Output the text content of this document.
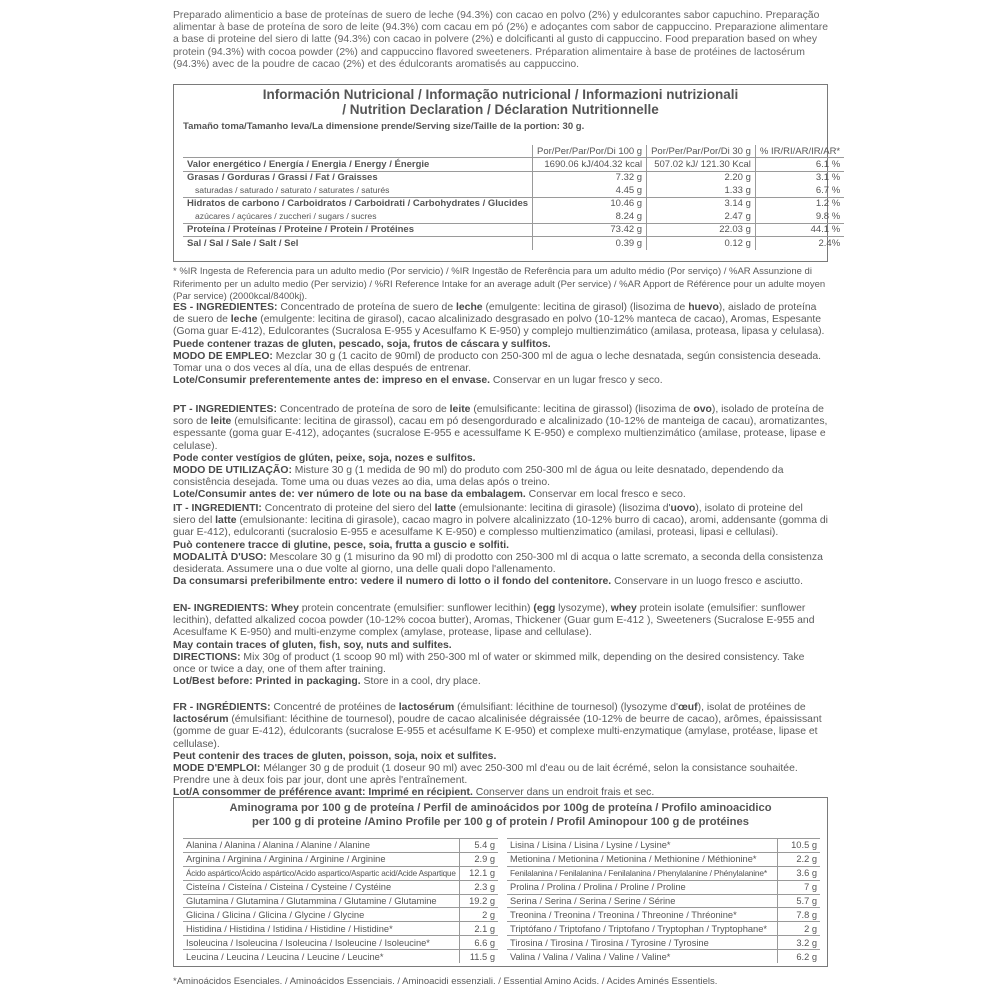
Preparado alimenticio a base de proteínas de suero de leche (94.3%) con cacao en polvo (2%) y edulcorantes sabor capuchino. Preparação alimentar à base de proteína de soro de leite (94.3%) com cacau em pó (2%) e adoçantes com sabor de cappuccino. Preparazione alimentare a base di proteine del siero di latte (94.3%) con cacao in polvere (2%) e dolcificanti al gusto di cappuccino. Food preparation based on whey protein (94.3%) with cocoa powder (2%) and cappuccino flavored sweeteners. Préparation alimentaire à base de protéines de lactosérum (94.3%) avec de la poudre de cacao (2%) et des édulcorants aromatisés au cappuccino.
Información Nutricional / Informação nutricional / Informazioni nutrizionali
/ Nutrition Declaration / Déclaration Nutritionnelle
Tamaño toma/Tamanho leva/La dimensione prende/Serving size/Taille de la portion: 30 g.
	Por/Per/Par/Por/Di 100 g	Por/Per/Par/Por/Di 30 g	% IR/RI/AR/IR/AR*
Valor energético / Energía / Energia / Energy / Énergie	1690.06 kJ/404.32 kcal	507.02 kJ/ 121.30 Kcal	6.1 %
Grasas / Gorduras / Grassi / Fat / Graisses	7.32 g	2.20 g	3.1 %
saturadas / saturado / saturato / saturates / saturés	4.45 g	1.33 g	6.7 %
Hidratos de carbono / Carboidratos / Carboidrati / Carbohydrates / Glucides	10.46 g	3.14 g	1.2 %
azúcares / açúcares / zuccheri / sugars / sucres	8.24 g	2.47 g	9.8 %
Proteína / Proteínas / Proteine / Protein / Protéines	73.42 g	22.03 g	44.1 %
Sal / Sal / Sale / Salt / Sel	0.39 g	0.12 g	2.4%
* %IR Ingesta de Referencia para un adulto medio (Por servicio) / %IR Ingestão de Referência para um adulto médio (Por serviço) / %AR Assunzione di Riferimento per un adulto medio (Per servizio) / %RI Reference Intake for an average adult (Per service) / %AR Apport de Référence pour un adulte moyen (Par service) (2000kcal/8400kj).
ES - INGREDIENTES: Concentrado de proteína de suero de leche (emulgente: lecitina de girasol) (lisozima de huevo), aislado de proteína de suero de leche (emulgente: lecitina de girasol), cacao alcalinizado desgrasado en polvo (10-12% manteca de cacao), Aromas, Espesante (Goma guar E-412), Edulcorantes (Sucralosa E-955 y Acesulfamo K E-950) y complejo multienzimático (amilasa, proteasa, lipasa y celulasa).
Puede contener trazas de gluten, pescado, soja, frutos de cáscara y sulfitos.
MODO DE EMPLEO: Mezclar 30 g (1 cacito de 90ml) de producto con 250-300 ml de agua o leche desnatada, según consistencia deseada. Tomar una o dos veces al día, una de ellas después de entrenar.
Lote/Consumir preferentemente antes de: impreso en el envase. Conservar en un lugar fresco y seco.
PT - INGREDIENTES: Concentrado de proteína de soro de leite (emulsificante: lecitina de girassol) (lisozima de ovo), isolado de proteína de soro de leite (emulsificante: lecitina de girassol), cacau em pó desengordurado e alcalinizado (10-12% de manteiga de cacau), aromatizantes, espessante (goma guar E-412), adoçantes (sucralose E-955 e acessulfame K E-950) e complexo multienzimático (amilase, protease, lipase e celulase).
Pode conter vestígios de glúten, peixe, soja, nozes e sulfitos.
MODO DE UTILIZAÇÃO: Misture 30 g (1 medida de 90 ml) do produto com 250-300 ml de água ou leite desnatado, dependendo da consistência desejada. Tome uma ou duas vezes ao dia, uma delas após o treino.
Lote/Consumir antes de: ver número de lote ou na base da embalagem. Conservar em local fresco e seco.
IT - INGREDIENTI: Concentrato di proteine del siero del latte (emulsionante: lecitina di girasole) (lisozima d'uovo), isolato di proteine del siero del latte (emulsionante: lecitina di girasole), cacao magro in polvere alcalinizzato (10-12% burro di cacao), aromi, addensante (gomma di guar E-412), edulcoranti (sucralosio E-955 e acesulfame K E-950) e complesso multienzimatico (amilasi, proteasi, lipasi e cellulasi).
Può contenere tracce di glutine, pesce, soia, frutta a guscio e solfiti.
MODALITÀ D'USO: Mescolare 30 g (1 misurino da 90 ml) di prodotto con 250-300 ml di acqua o latte scremato, a seconda della consistenza desiderata. Assumere una o due volte al giorno, una delle quali dopo l'allenamento.
Da consumarsi preferibilmente entro: vedere il numero di lotto o il fondo del contenitore. Conservare in un luogo fresco e asciutto.
EN- INGREDIENTS: Whey protein concentrate (emulsifier: sunflower lecithin) (egg lysozyme), whey protein isolate (emulsifier: sunflower lecithin), defatted alkalized cocoa powder (10-12% cocoa butter), Aromas, Thickener (Guar gum E-412 ), Sweeteners (Sucralose E-955 and Acesulfame K E-950) and multi-enzyme complex (amylase, protease, lipase and cellulase).
May contain traces of gluten, fish, soy, nuts and sulfites.
DIRECTIONS: Mix 30g of product (1 scoop 90 ml) with 250-300 ml of water or skimmed milk, depending on the desired consistency. Take once or twice a day, one of them after training.
Lot/Best before: Printed in packaging. Store in a cool, dry place.
FR - INGRÉDIENTS: Concentré de protéines de lactosérum (émulsifiant: lécithine de tournesol) (lysozyme d'œuf), isolat de protéines de lactosérum (émulsifiant: lécithine de tournesol), poudre de cacao alcalinisée dégraissée (10-12% de beurre de cacao), arômes, épaississant (gomme de guar E-412), édulcorants (sucralose E-955 et acésulfame K E-950) et complexe multi-enzymatique (amylase, protéase, lipase et cellulase).
Peut contenir des traces de gluten, poisson, soja, noix et sulfites.
MODE D'EMPLOI: Mélanger 30 g de produit (1 doseur 90 ml) avec 250-300 ml d'eau ou de lait écrémé, selon la consistance souhaitée. Prendre une à deux fois par jour, dont une après l'entraînement.
Lot/A consommer de préférence avant: Imprimé en récipient. Conserver dans un endroit frais et sec.
Aminograma por 100 g de proteína / Perfil de aminoácidos por 100g de proteína / Profilo aminoacidico
per 100 g di proteine /Amino Profile per 100 g of protein / Profil Aminopour 100 g de protéines
Alanina / Alanina / Alanina / Alanine / Alanine	5.4 g
Arginina / Arginina / Arginina / Arginine / Arginine	2.9 g
Ácido aspártico/Ácido aspártico/Acido aspartico/Aspartic acid/Acide Aspartique	12.1 g
Cisteína / Cisteína / Cisteina / Cysteine / Cystéine	2.3 g
Glutamina / Glutamina / Glutammina / Glutamine / Glutamine	19.2 g
Glicina / Glicina / Glicina / Glycine / Glycine	2 g
Histidina / Histidina / Istidina / Histidine / Histidine*	2.1 g
Isoleucina / Isoleucina / Isoleucina / Isoleucine / Isoleucine*	6.6 g
Leucina / Leucina / Leucina / Leucine / Leucine*	11.5 g
Lisina / Lisina / Lisina / Lysine / Lysine*	10.5 g
Metionina / Metionina / Metionina / Methionine / Méthionine*	2.2 g
Fenilalanina / Fenilalanina / Fenilalanina / Phenylalanine / Phénylalanine*	3.6 g
Prolina / Prolina / Prolina / Proline / Proline	7 g
Serina / Serina / Serina / Serine / Sérine	5.7 g
Treonina / Treonina / Treonina / Threonine / Thréonine*	7.8 g
Triptófano / Triptofano / Triptofano / Tryptophan / Tryptophane*	2 g
Tirosina / Tirosina / Tirosina / Tyrosine / Tyrosine	3.2 g
Valina / Valina / Valina / Valine / Valine*	6.2 g
*Aminoácidos Esenciales. / Aminoácidos Essenciais. / Aminoacidi essenziali. / Essential Amino Acids. / Acides Aminés Essentiels.
